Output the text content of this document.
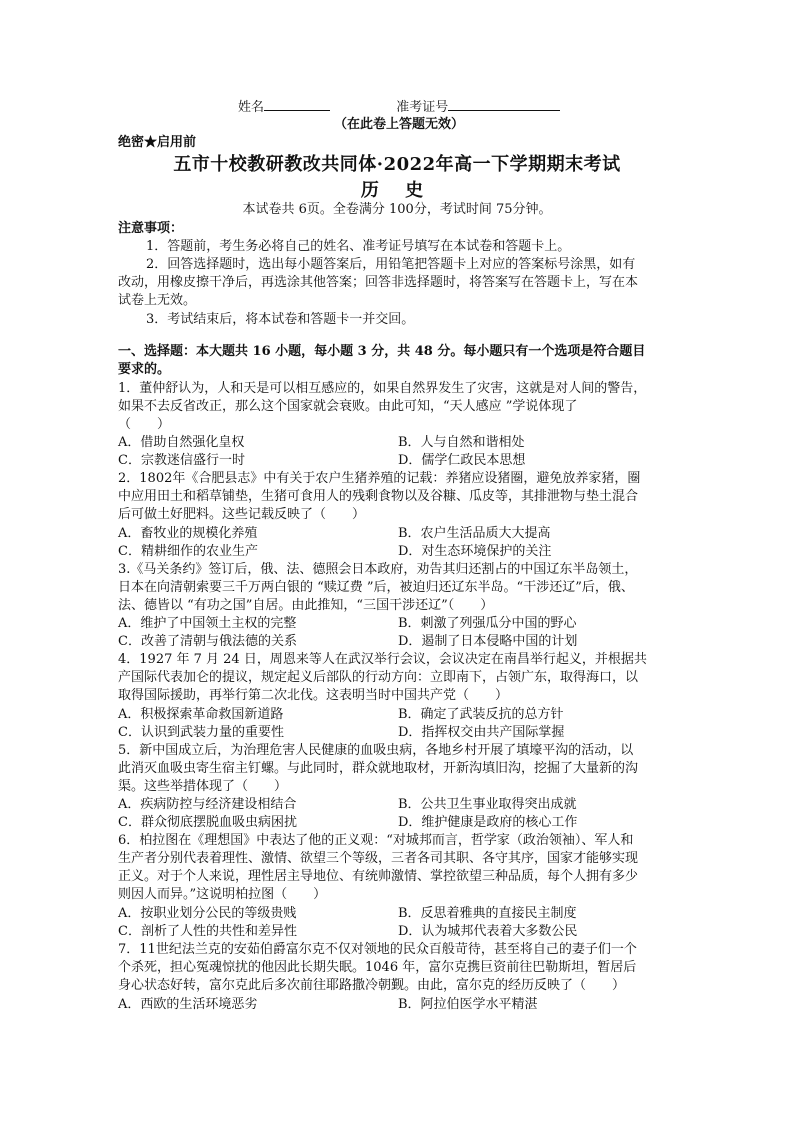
姓名	准考证号
（在此卷上答题无效）
绝密★启用前
五市十校教研教改共同体·2022年高一下学期期末考试
历 史
本试卷共 6页。全卷满分 100分，考试时间 75分钟。
注意事项：
1．答题前，考生务必将自己的姓名、准考证号填写在本试卷和答题卡上。
2．回答选择题时，选出每小题答案后，用铅笔把答题卡上对应的答案标号涂黑，如有
改动，用橡皮擦干净后，再选涂其他答案；回答非选择题时，将答案写在答题卡上，写在本
试卷上无效。
3．考试结束后，将本试卷和答题卡一并交回。
一、选择题：本大题共 16 小题，每小题 3 分，共 48 分。每小题只有一个选项是符合题目
要求的。
1．董仲舒认为，人和天是可以相互感应的，如果自然界发生了灾害，这就是对人间的警告，
如果不去反省改正，那么这个国家就会衰败。由此可知，“天人感应 ”学说体现了
（　　）
A．借助自然强化皇权	B．人与自然和谐相处
C．宗教迷信盛行一时	D．儒学仁政民本思想
2．1802年《合肥县志》中有关于农户生猪养殖的记载：养猪应设猪圈，避免放养家猪，圈
中应用田土和稻草铺垫，生猪可食用人的残剩食物以及谷糠、瓜皮等，其排泄物与垫土混合
后可做土好肥料。这些记载反映了（　　）
A．畜牧业的规模化养殖	B．农户生活品质大大提高
C．精耕细作的农业生产	D．对生态环境保护的关注
3.《马关条约》签订后，俄、法、德照会日本政府，劝告其归还割占的中国辽东半岛领土，
日本在向清朝索要三千万两白银的 “赎辽费 ”后，被迫归还辽东半岛。“干涉还辽”后，俄、
法、德皆以 “有功之国”自居。由此推知，“三国干涉还辽”（　　）
A．维护了中国领土主权的完整	B．刺激了列强瓜分中国的野心
C．改善了清朝与俄法德的关系	D．遏制了日本侵略中国的计划
4．1927 年 7 月 24 日，周恩来等人在武汉举行会议，会议决定在南昌举行起义，并根据共
产国际代表加仑的提议，规定起义后部队的行动方向：立即南下，占领广东，取得海口，以
取得国际援助，再举行第二次北伐。这表明当时中国共产党（　　）
A．积极探索革命救国新道路	B．确定了武装反抗的总方针
C．认识到武装力量的重要性	D．指挥权交由共产国际掌握
5．新中国成立后，为治理危害人民健康的血吸虫病，各地乡村开展了填壕平沟的活动，以
此消灭血吸虫寄生宿主钉螺。与此同时，群众就地取材，开新沟填旧沟，挖掘了大量新的沟
渠。这些举措体现了（　　）
A．疾病防控与经济建设相结合	B．公共卫生事业取得突出成就
C．群众彻底摆脱血吸虫病困扰	D．维护健康是政府的核心工作
6．柏拉图在《理想国》中表达了他的正义观：“对城邦而言，哲学家（政治领袖）、军人和
生产者分别代表着理性、激情、欲望三个等级，三者各司其职、各守其序，国家才能够实现
正义。对于个人来说，理性居主导地位、有统帅激情、掌控欲望三种品质，每个人拥有多少
则因人而异。”这说明柏拉图（　　）
A．按职业划分公民的等级贵贱	B．反思着雅典的直接民主制度
C．剖析了人性的共性和差异性	D．认为城邦代表着大多数公民
7．11世纪法兰克的安茹伯爵富尔克不仅对领地的民众百般苛待，甚至将自己的妻子们一个
个杀死，担心冤魂惊扰的他因此长期失眠。1046 年，富尔克携巨资前往巴勒斯坦，暂居后
身心状态好转，富尔克此后多次前往耶路撒冷朝觐。由此，富尔克的经历反映了（　　）
A．西欧的生活环境恶劣	B．阿拉伯医学水平精湛
